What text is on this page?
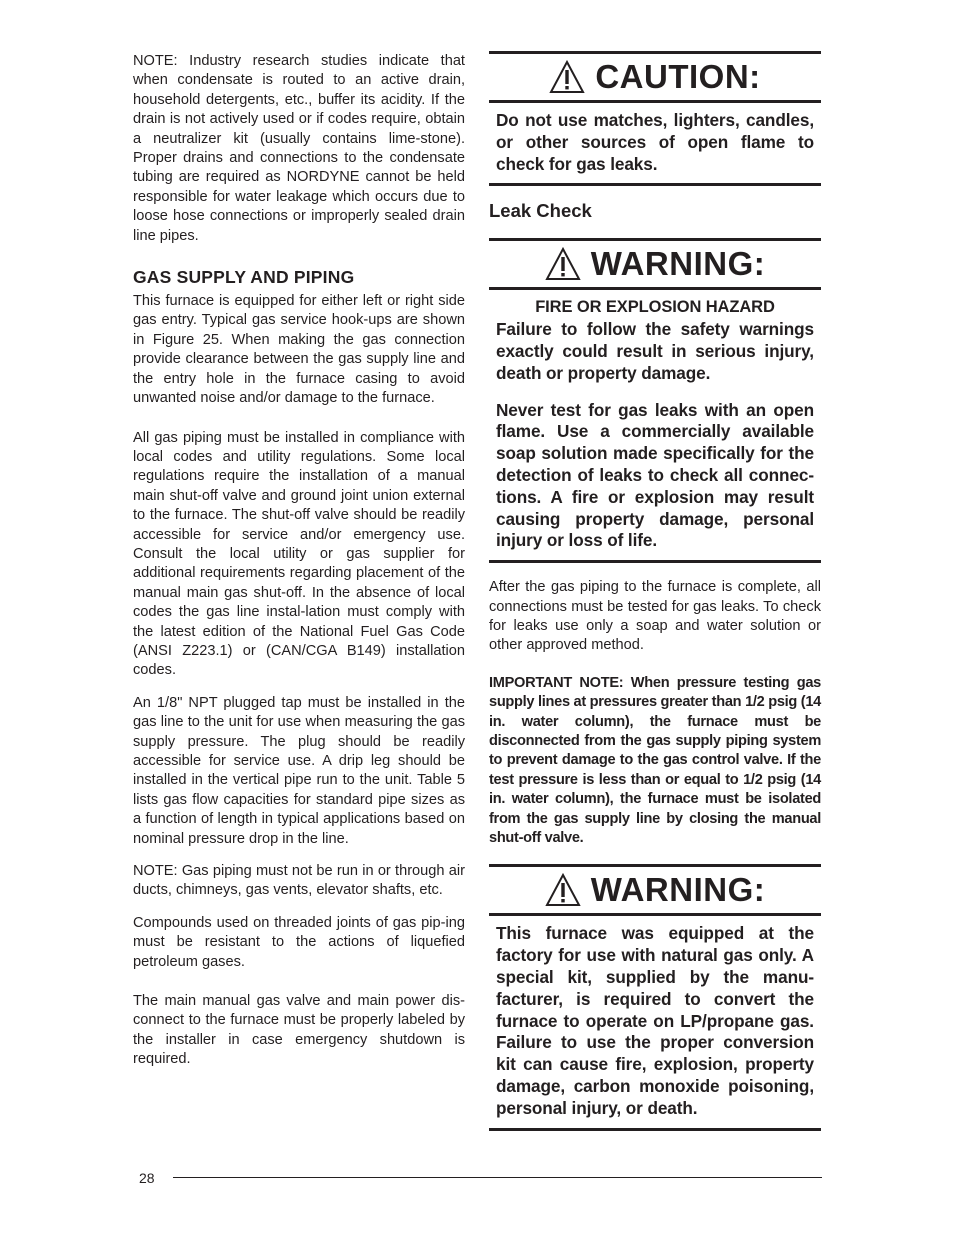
NOTE: Industry research studies indicate that when condensate is routed to an active drain, household detergents, etc., buffer its acidity. If the drain is not actively used or if codes require, obtain a neutralizer kit (usually contains lime-stone). Proper drains and connections to the condensate tubing are required as NORDYNE cannot be held responsible for water leakage which occurs due to loose hose connections or improperly sealed drain line pipes.

GAS SUPPLY AND PIPING

This furnace is equipped for either left or right side gas entry. Typical gas service hook-ups are shown in Figure 25. When making the gas connection provide clearance between the gas supply line and the entry hole in the furnace casing to avoid unwanted noise and/or damage to the furnace.

All gas piping must be installed in compliance with local codes and utility regulations. Some local regulations require the installation of a manual main shut-off valve and ground joint union external to the furnace. The shut-off valve should be readily accessible for service and/or emergency use. Consult the local utility or gas supplier for additional requirements regarding placement of the manual main gas shut-off. In the absence of local codes the gas line instal-lation must comply with the latest edition of the National Fuel Gas Code (ANSI Z223.1) or (CAN/CGA B149) installation codes.

An 1/8" NPT plugged tap must be installed in the gas line to the unit for use when measuring the gas supply pressure. The plug should be readily accessible for service use. A drip leg should be installed in the vertical pipe run to the unit. Table 5 lists gas flow capacities for standard pipe sizes as a function of length in typical applications based on nominal pressure drop in the line.

NOTE: Gas piping must not be run in or through air ducts, chimneys, gas vents, elevator shafts, etc.

Compounds used on threaded joints of gas pip-ing must be resistant to the actions of liquefied petroleum gases.

The main manual gas valve and main power dis-connect to the furnace must be properly labeled by the installer in case emergency shutdown is required.

CAUTION:

Do not use matches, lighters, candles, or other sources of open flame to check for gas leaks.

Leak Check
WARNING:

FIRE OR EXPLOSION HAZARD

Failure to follow the safety warnings exactly could result in serious injury, death or property damage.

Never test for gas leaks with an open flame. Use a commercially available soap solution made specifically for the detection of leaks to check all connec-tions. A fire or explosion may result causing property damage, personal injury or loss of life.

After the gas piping to the furnace is complete, all connections must be tested for gas leaks. To check for leaks use only a soap and water solution or other approved method.

IMPORTANT NOTE: When pressure testing gas supply lines at pressures greater than 1/2 psig (14 in. water column), the furnace must be disconnected from the gas supply piping system to prevent damage to the gas control valve. If the test pressure is less than or equal to 1/2 psig (14 in. water column), the furnace must be isolated from the gas supply line by closing the manual shut-off valve.

WARNING:

This furnace was equipped at the factory for use with natural gas only. A special kit, supplied by the manu-facturer, is required to convert the furnace to operate on LP/propane gas. Failure to use the proper conversion kit can cause fire, explosion, property damage, carbon monoxide poisoning, personal injury, or death.

28
